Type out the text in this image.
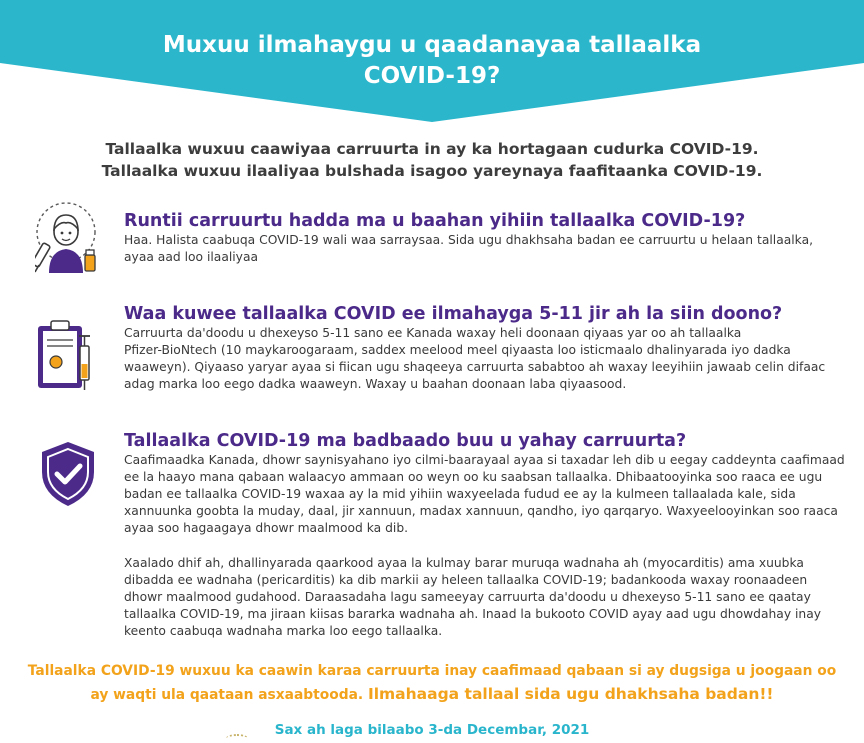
Muxuu ilmahaygu u qaadanayaa tallaalka
COVID-19?
Tallaalka wuxuu caawiyaa carruurta in ay ka hortagaan cudurka COVID-19.
Tallaalka wuxuu ilaaliyaa bulshada isagoo yareynaya faafitaanka COVID-19.
Runtii carruurtu hadda ma u baahan yihiin tallaalka COVID-19?

Haa. Halista caabuqa COVID-19 wali waa sarraysaa. Sida ugu dhakhsaha badan ee carruurtu u helaan tallaalka,
ayaa aad loo ilaaliyaa

Waa kuwee tallaalka COVID ee ilmahayga 5-11 jir ah la siin doono?

Carruurta da'doodu u dhexeyso 5-11 sano ee Kanada waxay heli doonaan qiyaas yar oo ah tallaalka
Pfizer-BioNtech (10 maykaroogaraam, saddex meelood meel qiyaasta loo isticmaalo dhalinyarada iyo dadka
waaweyn). Qiyaaso yaryar ayaa si fiican ugu shaqeeya carruurta sababtoo ah waxay leeyihiin jawaab celin difaac
adag marka loo eego dadka waaweyn. Waxay u baahan doonaan laba qiyaasood.

Tallaalka COVID-19 ma badbaado buu u yahay carruurta?

Caafimaadka Kanada, dhowr saynisyahano iyo cilmi-baarayaal ayaa si taxadar leh dib u eegay caddeynta caafimaad
ee la haayo mana qabaan walaacyo ammaan oo weyn oo ku saabsan tallaalka. Dhibaatooyinka soo raaca ee ugu
badan ee tallaalka COVID-19 waxaa ay la mid yihiin waxyeelada fudud ee ay la kulmeen tallaalada kale, sida
xannuunka goobta la muday, daal, jir xannuun, madax xannuun, qandho, iyo qarqaryo. Waxyeelooyinkan soo raaca
ayaa soo hagaagaya dhowr maalmood ka dib.

Xaalado dhif ah, dhallinyarada qaarkood ayaa la kulmay barar muruqa wadnaha ah (myocarditis) ama xuubka
dibadda ee wadnaha (pericarditis) ka dib markii ay heleen tallaalka COVID-19; badankooda waxay roonaadeen
dhowr maalmood gudahood. Daraasadaha lagu sameeyay carruurta da'doodu u dhexeyso 5-11 sano ee qaatay
tallaalka COVID-19, ma jiraan kiisas bararka wadnaha ah. Inaad la bukooto COVID ayay aad ugu dhowdahay inay
keento caabuqa wadnaha marka loo eego tallaalka.

Tallaalka COVID-19 wuxuu ka caawin karaa carruurta inay caafimaad qabaan si ay dugsiga u joogaan oo
ay waqti ula qaataan asxaabtooda. Ilmahaaga tallaal sida ugu dhakhsaha badan!!
Sax ah laga bilaabo 3-da Decembar, 2021
